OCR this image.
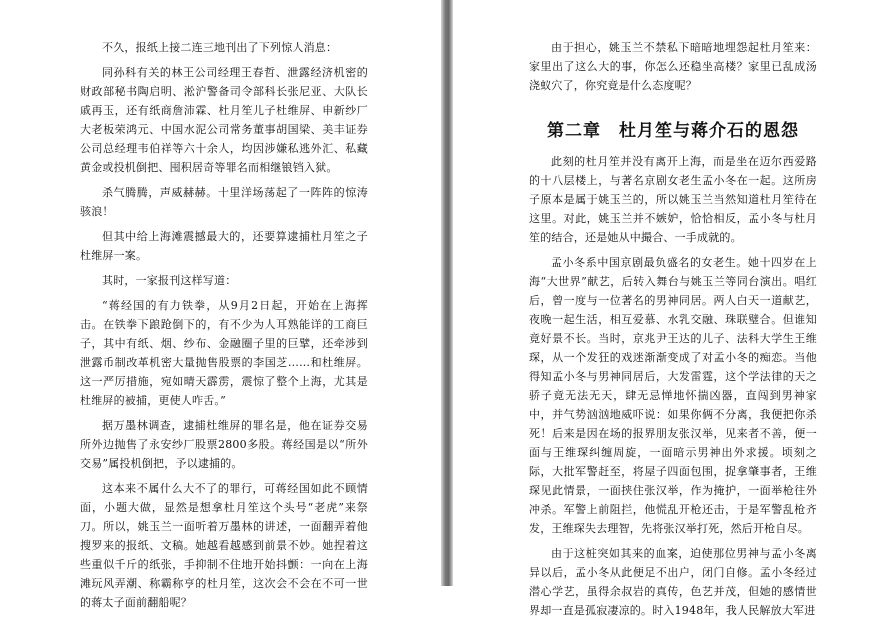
不久，报纸上接二连三地刊出了下列惊人消息：

同孙科有关的林王公司经理王春哲、泄露经济机密的财政部秘书陶启明、淞沪警备司令部科长张尼亚、大队长戚再玉，还有纸商詹沛霖、杜月笙儿子杜维屏、申新纱厂大老板荣鸿元、中国水泥公司常务董事胡国梁、美丰证券公司总经理韦伯祥等六十余人，均因涉嫌私逃外汇、私藏黄金或投机倒把、囤积居奇等罪名而相继锒铛入狱。

杀气腾腾，声威赫赫。十里洋场荡起了一阵阵的惊涛骇浪！

但其中给上海滩震撼最大的，还要算逮捕杜月笙之子杜维屏一案。

其时，一家报刊这样写道：

“蒋经国的有力铁拳，从9月2日起，开始在上海挥击。在铁拳下踉跄倒下的，有不少为人耳熟能详的工商巨子，其中有纸、烟、纱布、金融圈子里的巨擘，还牵涉到泄露币制改革机密大量抛售股票的李国芝……和杜维屏。这一严厉措施，宛如晴天霹雳，震惊了整个上海，尤其是杜维屏的被捕，更使人咋舌。”

据万墨林调查，逮捕杜维屏的罪名是，他在证券交易所外边抛售了永安纱厂股票2800多股。蒋经国是以“所外交易”属投机倒把，予以逮捕的。

这本来不属什么大不了的罪行，可蒋经国如此不顾情面，小题大做，显然是想拿杜月笙这个头号“老虎”来祭刀。所以，姚玉兰一面听着万墨林的讲述，一面翻弄着他搜罗来的报纸、文稿。她越看越感到前景不妙。她捏着这些重似千斤的纸张，手抑制不住地开始抖颤：一向在上海滩玩风弄潮、称霸称亨的杜月笙，这次会不会在不可一世的蒋太子面前翻船呢？

由于担心，姚玉兰不禁私下暗暗地埋怨起杜月笙来：家里出了这么大的事，你怎么还稳坐高楼？家里已乱成汤浇蚁穴了，你究竟是什么态度呢？

第二章　杜月笙与蒋介石的恩怨

此刻的杜月笙并没有离开上海，而是坐在迈尔西爱路的十八层楼上，与著名京剧女老生孟小冬在一起。这所房子原本是属于姚玉兰的，所以姚玉兰当然知道杜月笙待在这里。对此，姚玉兰并不嫉妒，恰恰相反，孟小冬与杜月笙的结合，还是她从中撮合、一手成就的。

孟小冬系中国京剧最负盛名的女老生。她十四岁在上海“大世界”献艺，后转入舞台与姚玉兰等同台演出。唱红后，曾一度与一位著名的男神同居。两人白天一道献艺，夜晚一起生活，相互爱慕、水乳交融、珠联璧合。但谁知竟好景不长。当时，京兆尹王达的儿子、法科大学生王维琛，从一个发狂的戏迷渐渐变成了对孟小冬的痴恋。当他得知孟小冬与男神同居后，大发雷霆，这个学法律的天之骄子竟无法无天，肆无忌惮地怀揣凶器，直闯到男神家中，并气势汹汹地威吓说：如果你俩不分离，我便把你杀死！后来是因在场的报界朋友张汉举，见来者不善，便一面与王维琛纠缠周旋，一面暗示男神出外求援。顷刻之际，大批军警赶至，将屋子四面包围，捉拿肇事者，王维琛见此情景，一面挟住张汉举，作为掩护，一面举枪往外冲杀。军警上前阻拦，他慌乱开枪还击，于是军警乱枪齐发，王维琛失去理智，先将张汉举打死，然后开枪自尽。

由于这桩突如其来的血案，迫使那位男神与孟小冬离异以后，孟小冬从此便足不出户，闭门自修。孟小冬经过潜心学艺，虽得余叔岩的真传，色艺并茂，但她的感情世界却一直是孤寂凄凉的。时入1948年，我人民解放大军进
